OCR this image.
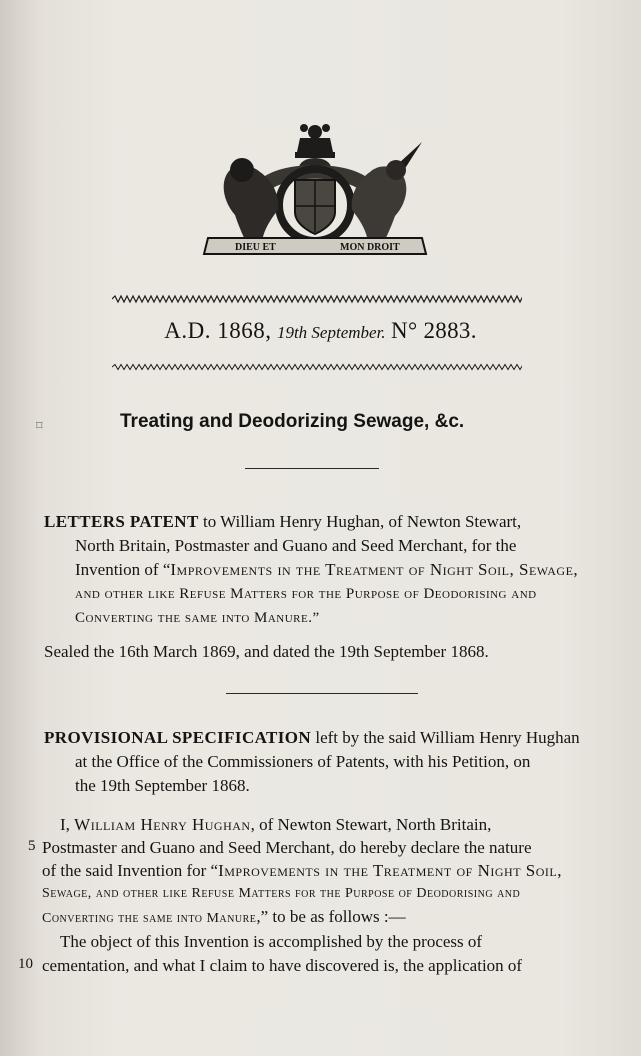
DIEU ET	MON DROIT
A.D. 1868, 19th September. N° 2883.
⌑	Treating and Deodorizing Sewage, &c.
LETTERS PATENT to William Henry Hughan, of Newton Stewart,
North Britain, Postmaster and Guano and Seed Merchant, for the
Invention of “Improvements in the Treatment of Night Soil, Sewage,
and other like Refuse Matters for the Purpose of Deodorising and
Converting the same into Manure.”
Sealed the 16th March 1869, and dated the 19th September 1868.
PROVISIONAL SPECIFICATION left by the said William Henry Hughan
at the Office of the Commissioners of Patents, with his Petition, on
the 19th September 1868.
I, William Henry Hughan, of Newton Stewart, North Britain,
5 Postmaster and Guano and Seed Merchant, do hereby declare the nature
of the said Invention for “Improvements in the Treatment of Night Soil,
Sewage, and other like Refuse Matters for the Purpose of Deodorising and
Converting the same into Manure,” to be as follows :—
The object of this Invention is accomplished by the process of
10 cementation, and what I claim to have discovered is, the application of
